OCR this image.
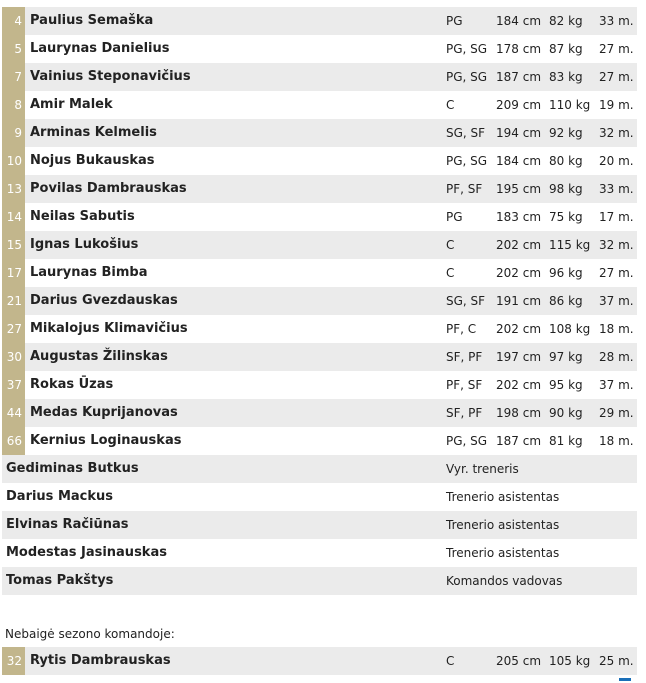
4 Paulius Semaška	PG	184 cm 82 kg 33 m.
5 Laurynas Danielius	PG, SG 178 cm 87 kg 27 m.
7 Vainius Steponavičius	PG, SG 187 cm 83 kg 27 m.
8 Amir Malek	C	209 cm 110 kg 19 m.
9 Arminas Kelmelis	SG, SF 194 cm 92 kg 32 m.
10 Nojus Bukauskas	PG, SG 184 cm 80 kg 20 m.
13 Povilas Dambrauskas	PF, SF 195 cm 98 kg 33 m.
14 Neilas Sabutis	PG	183 cm 75 kg 17 m.
15 Ignas Lukošius	C	202 cm 115 kg 32 m.
17 Laurynas Bimba	C	202 cm 96 kg 27 m.
21 Darius Gvezdauskas	SG, SF 191 cm 86 kg 37 m.
27 Mikalojus Klimavičius	PF, C 202 cm 108 kg 18 m.
30 Augustas Žilinskas	SF, PF 197 cm 97 kg 28 m.
37 Rokas Ūzas	PF, SF 202 cm 95 kg 37 m.
44 Medas Kuprijanovas	SF, PF 198 cm 90 kg 29 m.
66 Kernius Loginauskas	PG, SG 187 cm 81 kg 18 m.
Gediminas Butkus	Vyr. treneris
Darius Mackus	Trenerio asistentas
Elvinas Račiūnas	Trenerio asistentas
Modestas Jasinauskas	Trenerio asistentas
Tomas Pakštys	Komandos vadovas
Nebaigė sezono komandoje:
32 Rytis Dambrauskas	C	205 cm 105 kg 25 m.
